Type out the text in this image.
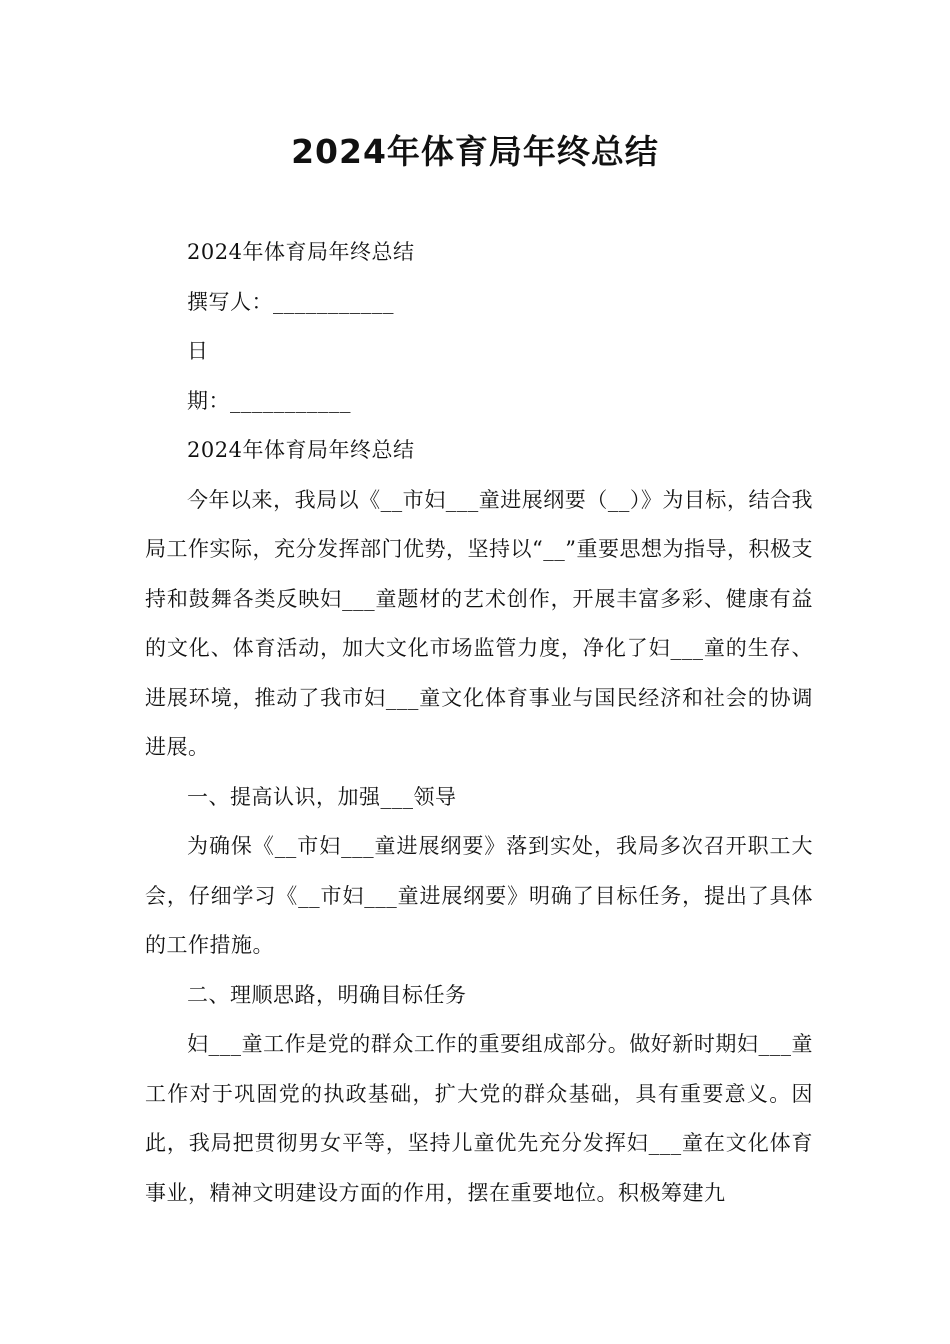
2024年体育局年终总结

2024年体育局年终总结

撰写人：___________

日

期：___________

2024年体育局年终总结

今年以来，我局以《__市妇___童进展纲要（__）》为目标，结合我局工作实际，充分发挥部门优势，坚持以“__”重要思想为指导，积极支持和鼓舞各类反映妇___童题材的艺术创作，开展丰富多彩、健康有益的文化、体育活动，加大文化市场监管力度，净化了妇___童的生存、进展环境，推动了我市妇___童文化体育事业与国民经济和社会的协调进展。

一、提高认识，加强___领导

为确保《__市妇___童进展纲要》落到实处，我局多次召开职工大会，仔细学习《__市妇___童进展纲要》明确了目标任务，提出了具体的工作措施。

二、理顺思路，明确目标任务

妇___童工作是党的群众工作的重要组成部分。做好新时期妇___童工作对于巩固党的执政基础，扩大党的群众基础，具有重要意义。因此，我局把贯彻男女平等，坚持儿童优先充分发挥妇___童在文化体育事业，精神文明建设方面的作用，摆在重要地位。积极筹建九
